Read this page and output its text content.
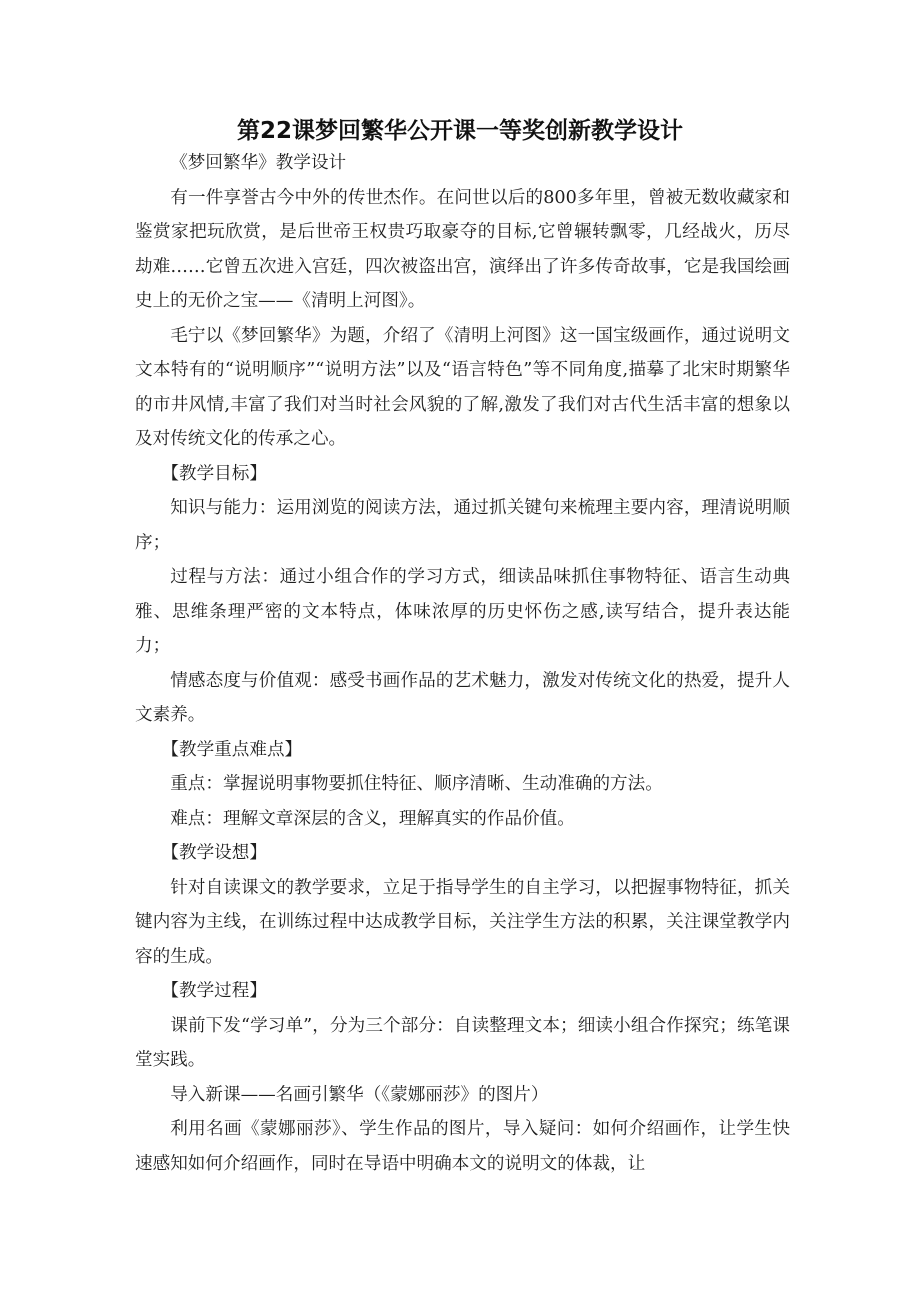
第22课梦回繁华公开课一等奖创新教学设计

《梦回繁华》教学设计

有一件享誉古今中外的传世杰作。在问世以后的800多年里，曾被无数收藏家和鉴赏家把玩欣赏，是后世帝王权贵巧取豪夺的目标,它曾辗转飘零，几经战火，历尽劫难……它曾五次进入宫廷，四次被盗出宫，演绎出了许多传奇故事，它是我国绘画史上的无价之宝——《清明上河图》。

毛宁以《梦回繁华》为题，介绍了《清明上河图》这一国宝级画作，通过说明文文本特有的“说明顺序”“说明方法”以及“语言特色”等不同角度,描摹了北宋时期繁华的市井风情,丰富了我们对当时社会风貌的了解,激发了我们对古代生活丰富的想象以及对传统文化的传承之心。

【教学目标】

知识与能力：运用浏览的阅读方法，通过抓关键句来梳理主要内容，理清说明顺序；

过程与方法：通过小组合作的学习方式，细读品味抓住事物特征、语言生动典雅、思维条理严密的文本特点，体味浓厚的历史怀伤之感,读写结合，提升表达能力；

情感态度与价值观：感受书画作品的艺术魅力，激发对传统文化的热爱，提升人文素养。

【教学重点难点】

重点：掌握说明事物要抓住特征、顺序清晰、生动准确的方法。

难点：理解文章深层的含义，理解真实的作品价值。

【教学设想】

针对自读课文的教学要求，立足于指导学生的自主学习，以把握事物特征，抓关键内容为主线，在训练过程中达成教学目标，关注学生方法的积累，关注课堂教学内容的生成。

【教学过程】

课前下发“学习单”，分为三个部分：自读整理文本；细读小组合作探究；练笔课堂实践。

导入新课——名画引繁华（《蒙娜丽莎》的图片）

利用名画《蒙娜丽莎》、学生作品的图片，导入疑问：如何介绍画作，让学生快速感知如何介绍画作，同时在导语中明确本文的说明文的体裁，让
